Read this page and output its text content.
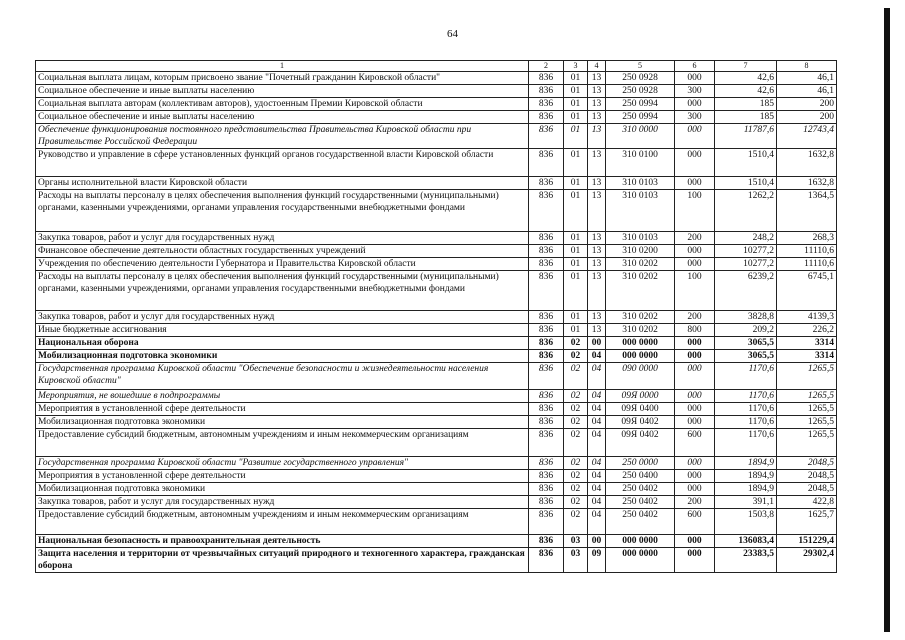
64
1	2	3	4	5	6	7	8
Социальная выплата лицам, которым присвоено звание "Почетный гражданин Кировской области"	836	01	13	250 0928	000	42,6	46,1
Социальное обеспечение и иные выплаты населению	836	01	13	250 0928	300	42,6	46,1
Социальная выплата авторам (коллективам авторов), удостоенным Премии Кировской области	836	01	13	250 0994	000	185	200
Социальное обеспечение и иные выплаты населению	836	01	13	250 0994	300	185	200
Обеспечение функционирования постоянного представительства Правительства Кировской области при Правительстве Российской Федерации	836	01	13	310 0000	000	11787,6	12743,4
Руководство и управление в сфере установленных функций органов государственной власти Кировской области	836	01	13	310 0100	000	1510,4	1632,8
Органы исполнительной власти Кировской области	836	01	13	310 0103	000	1510,4	1632,8
Расходы на выплаты персоналу в целях обеспечения выполнения функций государственными (муниципальными) органами, казенными учреждениями, органами управления государственными внебюджетными фондами	836	01	13	310 0103	100	1262,2	1364,5
Закупка товаров, работ и услуг для государственных нужд	836	01	13	310 0103	200	248,2	268,3
Финансовое обеспечение деятельности областных государственных учреждений	836	01	13	310 0200	000	10277,2	11110,6
Учреждения по обеспечению деятельности Губернатора и Правительства Кировской области	836	01	13	310 0202	000	10277,2	11110,6
Расходы на выплаты персоналу в целях обеспечения выполнения функций государственными (муниципальными) органами, казенными учреждениями, органами управления государственными внебюджетными фондами	836	01	13	310 0202	100	6239,2	6745,1
Закупка товаров, работ и услуг для государственных нужд	836	01	13	310 0202	200	3828,8	4139,3
Иные бюджетные ассигнования	836	01	13	310 0202	800	209,2	226,2
Национальная оборона	836	02	00	000 0000	000	3065,5	3314
Мобилизационная подготовка экономики	836	02	04	000 0000	000	3065,5	3314
Государственная программа Кировской области "Обеспечение безопасности и жизнедеятельности населения Кировской области"	836	02	04	090 0000	000	1170,6	1265,5
Мероприятия, не вошедшие в подпрограммы	836	02	04	09Я 0000	000	1170,6	1265,5
Мероприятия в установленной сфере деятельности	836	02	04	09Я 0400	000	1170,6	1265,5
Мобилизационная подготовка экономики	836	02	04	09Я 0402	000	1170,6	1265,5
Предоставление субсидий бюджетным, автономным учреждениям и иным некоммерческим организациям	836	02	04	09Я 0402	600	1170,6	1265,5
Государственная программа Кировской области "Развитие государственного управления"	836	02	04	250 0000	000	1894,9	2048,5
Мероприятия в установленной сфере деятельности	836	02	04	250 0400	000	1894,9	2048,5
Мобилизационная подготовка экономики	836	02	04	250 0402	000	1894,9	2048,5
Закупка товаров, работ и услуг для государственных нужд	836	02	04	250 0402	200	391,1	422,8
Предоставление субсидий бюджетным, автономным учреждениям и иным некоммерческим организациям	836	02	04	250 0402	600	1503,8	1625,7
Национальная безопасность и правоохранительная деятельность	836	03	00	000 0000	000	136083,4	151229,4
Защита населения и территории от чрезвычайных ситуаций природного и техногенного характера, гражданская оборона	836	03	09	000 0000	000	23383,5	29302,4
